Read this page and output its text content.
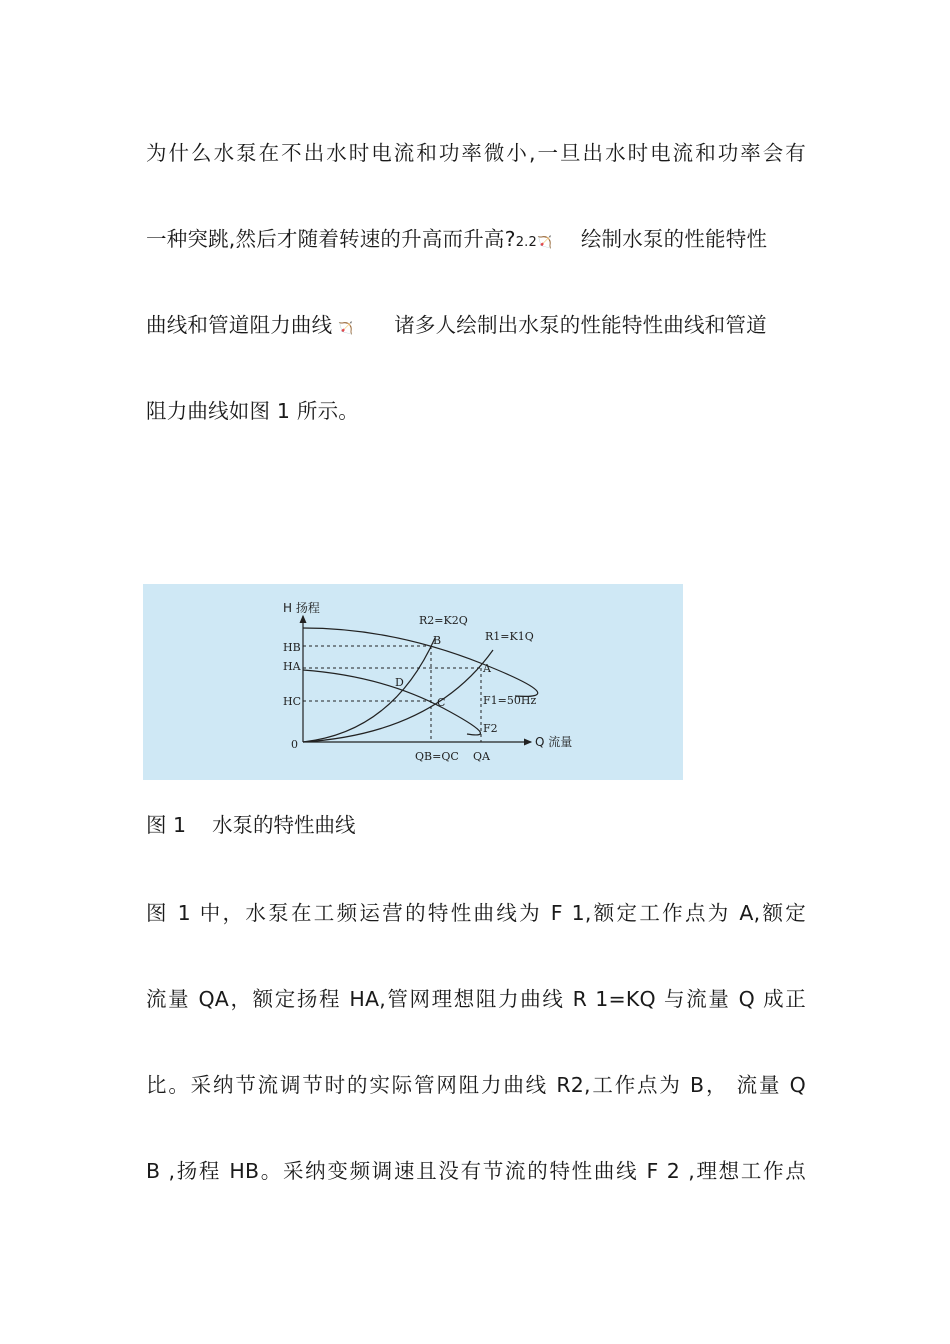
为什么水泵在不出水时电流和功率微小,一旦出水时电流和功率会有
一种突跳,然后才随着转速的升高而升高?2.2🏹 绘制水泵的性能特性
曲线和管道阻力曲线 🏹 诸多人绘制出水泵的性能特性曲线和管道
阻力曲线如图 1 所示。
H 扬程
Q 流量
0
R2=K2Q
R1=K1Q
B
A
D
C
HB
HA
HC	F1=50Hz
F2
QB=QC QA
图 1 水泵的特性曲线
图 1 中，水泵在工频运营的特性曲线为 F 1,额定工作点为 A,额定
流量 QA，额定扬程 HA,管网理想阻力曲线 R 1=KQ 与流量 Q 成正
比。采纳节流调节时的实际管网阻力曲线 R2,工作点为 B， 流量 Q
B ,扬程 HB。采纳变频调速且没有节流的特性曲线 F 2 ,理想工作点
